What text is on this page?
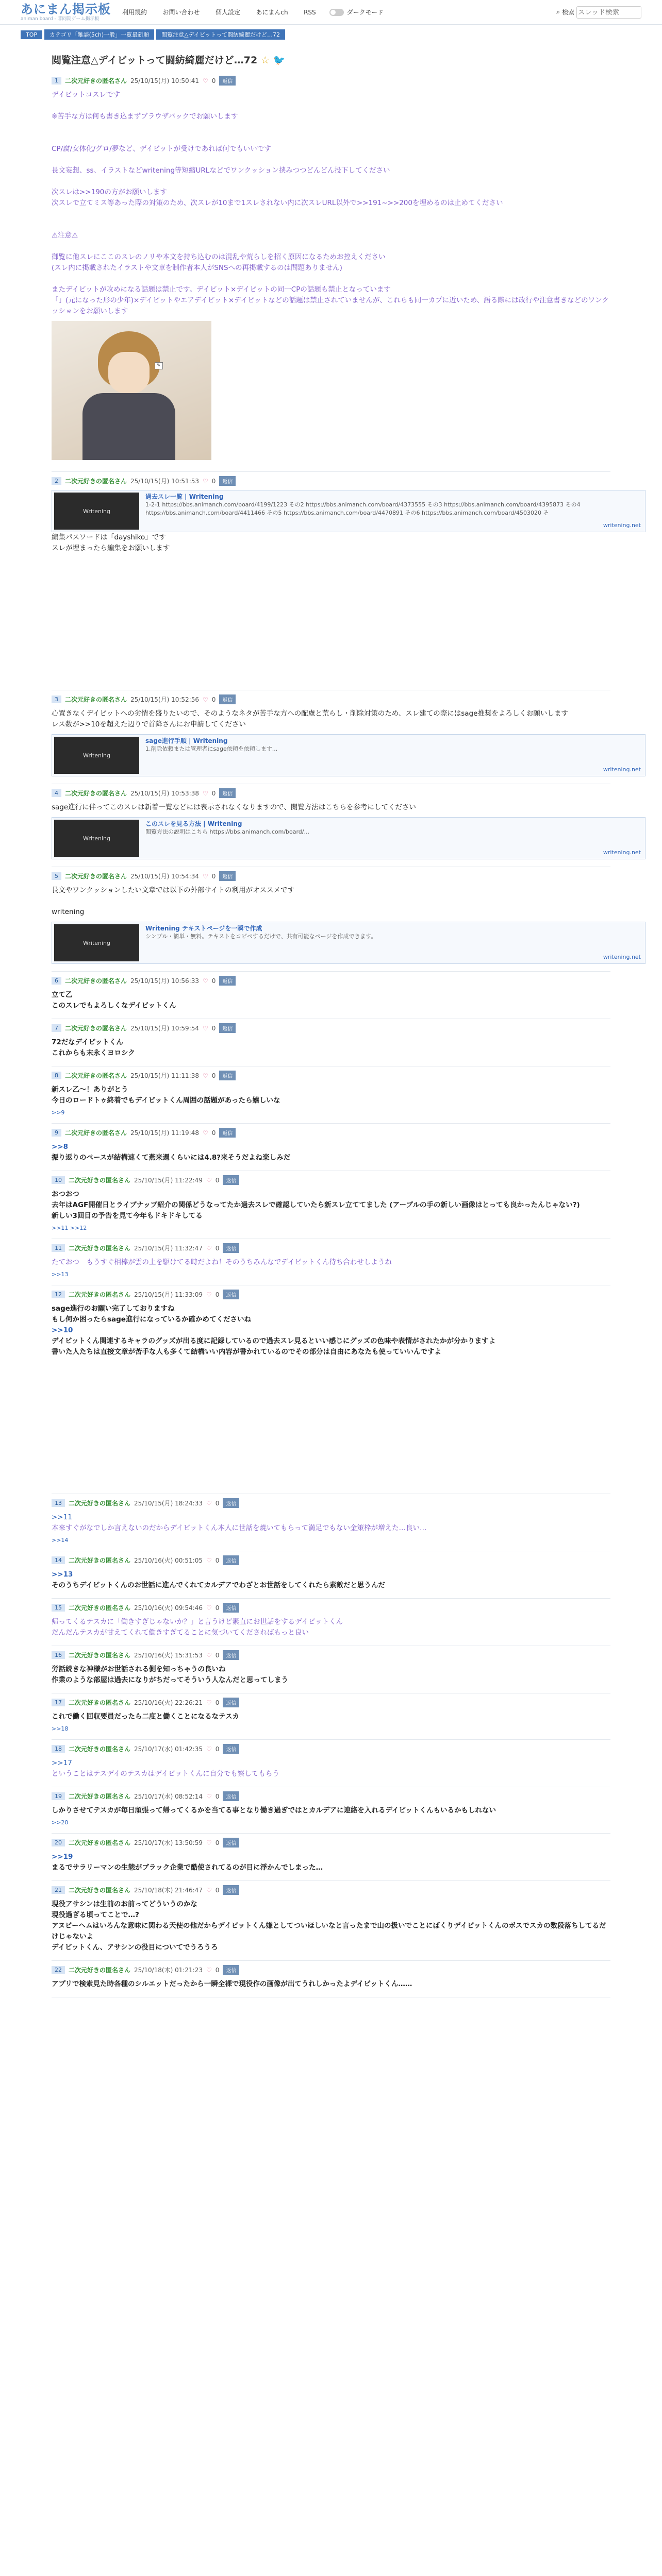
あにまん掲示板
animan board - 非同期ゲーム掲示板
利用規約	お問い合わせ	個人設定	あにまんch	RSS	ダークモード	⌕ 検索
スレッド検索
TOP	カテゴリ「雑談(5ch)一般」一覧最新順	閲覧注意△デイビットって闘紡綺麗だけど…72
閲覧注意△デイビットって闘紡綺麗だけど…72 ☆ 🐦
1	二次元好きの匿名さん 25/10/15(月) 10:50:41 ♡ 0	返信

デイビットコスレです

※苦手な方は何も書き込まずブラウザバックでお願いします

CP/腐/女体化/グロ/夢など、デイビットが受けであれば何でもいいです

長文妄想、ss、イラストなどwritening等短縮URLなどでワンクッション挟みつつどんどん投下してください

次スレは>>190の方がお願いします

次スレで立てミス等あった際の対策のため、次スレが10まで1スレされない内に次スレURL以外で>>191~>>200を埋めるのは止めてください

⚠注意⚠

御覧に他スレにここのスレのノリや本文を持ち込むのは混乱や荒らしを招く原因になるためお控えください

(スレ内に掲載されたイラストや文章を制作者本人がSNSへの再掲載するのは問題ありません)

またデイビットが攻めになる話題は禁止です。デイビット×デイビットの同一CPの話題も禁止となっています

「」(元になった形の少年)×デイビットやエアデイビット×デイビットなどの話題は禁止されていませんが、これらも同一カプに近いため、語る際には改行や注意書きなどのワンクッションをお願いします

✎
2	二次元好きの匿名さん 25/10/15(月) 10:51:53 ♡ 0	返信
Writening
過去スレ一覧 | Writening
1-2-1 https://bbs.animanch.com/board/4199/1223 その2 https://bbs.animanch.com/board/4373555 その3 https://bbs.animanch.com/board/4395873 その4 https://bbs.animanch.com/board/4411466 その5 https://bbs.animanch.com/board/4470891 その6 https://bbs.animanch.com/board/4503020 そ
writening.net

編集パスワードは「dayshiko」です

スレが埋まったら編集をお願いします

3	二次元好きの匿名さん 25/10/15(月) 10:52:56 ♡ 0	返信

心置きなくデイビットへの劣情を盛りたいので、そのようなネタが苦手な方への配慮と荒らし・削除対策のため、スレ建ての際にはsage推奨をよろしくお願いします

レス数が>>10を超えた辺りで首降さんにお申請してください

Writening
sage進行手順 | Writening
1.削除依頼または管理者にsage依頼を依頼します...
writening.net
4	二次元好きの匿名さん 25/10/15(月) 10:53:38 ♡ 0	返信

sage進行に伴ってこのスレは新着一覧などには表示されなくなりますので、閲覧方法はこちらを参考にしてください

Writening
このスレを見る方法 | Writening
閲覧方法の説明はこちら https://bbs.animanch.com/board/...
writening.net
5	二次元好きの匿名さん 25/10/15(月) 10:54:34 ♡ 0	返信

長文やワンクッションしたい文章では以下の外部サイトの利用がオススメです

writening

Writening
Writening テキストページを一瞬で作成
シンプル・簡単・無料。テキストをコピペするだけで、共有可能なページを作成できます。
writening.net
6	二次元好きの匿名さん 25/10/15(月) 10:56:33 ♡ 0	返信

立て乙

このスレでもよろしくなデイビットくん

7	二次元好きの匿名さん 25/10/15(月) 10:59:54 ♡ 0	返信

72だなデイビットくん

これからも末永くヨロシク

8	二次元好きの匿名さん 25/10/15(月) 11:11:38 ♡ 0	返信

新スレ乙〜！ありがとう

今日のロードトゥ終着でもデイビットくん周囲の話題があったら嬉しいな

>>9
9	二次元好きの匿名さん 25/10/15(月) 11:19:48 ♡ 0	返信

>>8

振り返りのペースが結構速くて燕来週くらいには4.8?来そうだよね楽しみだ

10	二次元好きの匿名さん 25/10/15(月) 11:22:49 ♡ 0	返信

おつおつ

去年はAGF開催日とライブナップ紹介の関係どうなってたか過去スレで確認していたら新スレ立ててました (アーブルの手の新しい画像はとっても良かったんじゃない?)

新しい3回目の予告を見て今年もドキドキしてる

>>11 >>12
11	二次元好きの匿名さん 25/10/15(月) 11:32:47 ♡ 0	返信

たておつ　もうすぐ相棒が雲の上を駆けてる時だよね！そのうちみんなでデイビットくん待ち合わせしようね

>>13
12	二次元好きの匿名さん 25/10/15(月) 11:33:09 ♡ 0	返信

sage進行のお願い完了しておりますね

もし何か困ったらsage進行になっているか確かめてくださいね

>>10

デイビットくん関連するキャラのグッズが出る度に記録しているので過去スレ見るといい感じにグッズの色味や表情がされたかが分かりますよ

書いた人たちは直接文章が苦手な人も多くて結構いい内容が書かれているのでその部分は自由にあなたも使っていいんですよ

13	二次元好きの匿名さん 25/10/15(月) 18:24:33 ♡ 0	返信

>>11

本来すぐがなでしか言えないのだからデイビットくん本人に世話を焼いてもらって満足でもない金策枠が増えた…良い…

>>14
14	二次元好きの匿名さん 25/10/16(火) 00:51:05 ♡ 0	返信

>>13

そのうちデイビットくんのお世話に進んでくれてカルデアでわざとお世話をしてくれたら素敵だと思うんだ

15	二次元好きの匿名さん 25/10/16(火) 09:54:46 ♡ 0	返信

帰ってくるテスカに「働きすぎじゃないか？」と言うけど素直にお世話をするデイビットくん

だんだんテスカが甘えてくれて働きすぎてることに気づいてくださればもっと良い

16	二次元好きの匿名さん 25/10/16(火) 15:31:53 ♡ 0	返信

労話続きな神様がお世話される側を知っちゃうの良いね

作業のような部屋は過去になりがちだってそういう人なんだと思ってしまう

17	二次元好きの匿名さん 25/10/16(火) 22:26:21 ♡ 0	返信

これで働く回収要員だったら二度と働くことになるなテスカ

>>18
18	二次元好きの匿名さん 25/10/17(水) 01:42:35 ♡ 0	返信

>>17

ということはテスデイのテスカはデイビットくんに自分でも察してもらう

19	二次元好きの匿名さん 25/10/17(水) 08:52:14 ♡ 0	返信

しかりさせてテスカが毎日頑張って帰ってくるかを当てる事となり働き過ぎではとカルデアに連絡を入れるデイビットくんもいるかもしれない

>>20
20	二次元好きの匿名さん 25/10/17(水) 13:50:59 ♡ 0	返信

>>19

まるでサラリーマンの生態がブラック企業で酷使されてるのが目に浮かんでしまった…

21	二次元好きの匿名さん 25/10/18(木) 21:46:47 ♡ 0	返信

現役アサシンは生前のお前ってどういうのかな

現役過ぎる頃ってことで…?

アヌビーヘムはいろんな意味に関わる天使の他だからデイビットくん嫌としてついほしいなと言ったまで山の扱いでことにばくりデイビットくんのボスでスカの数段落ちしてるだけじゃないよ

デイビットくん、アサシンの役目についてでうろうろ

22	二次元好きの匿名さん 25/10/18(木) 01:21:23 ♡ 0	返信

アプリで検索見た時各種のシルエットだったから一瞬全裸で現役作の画像が出てうれしかったよデイビットくん……
